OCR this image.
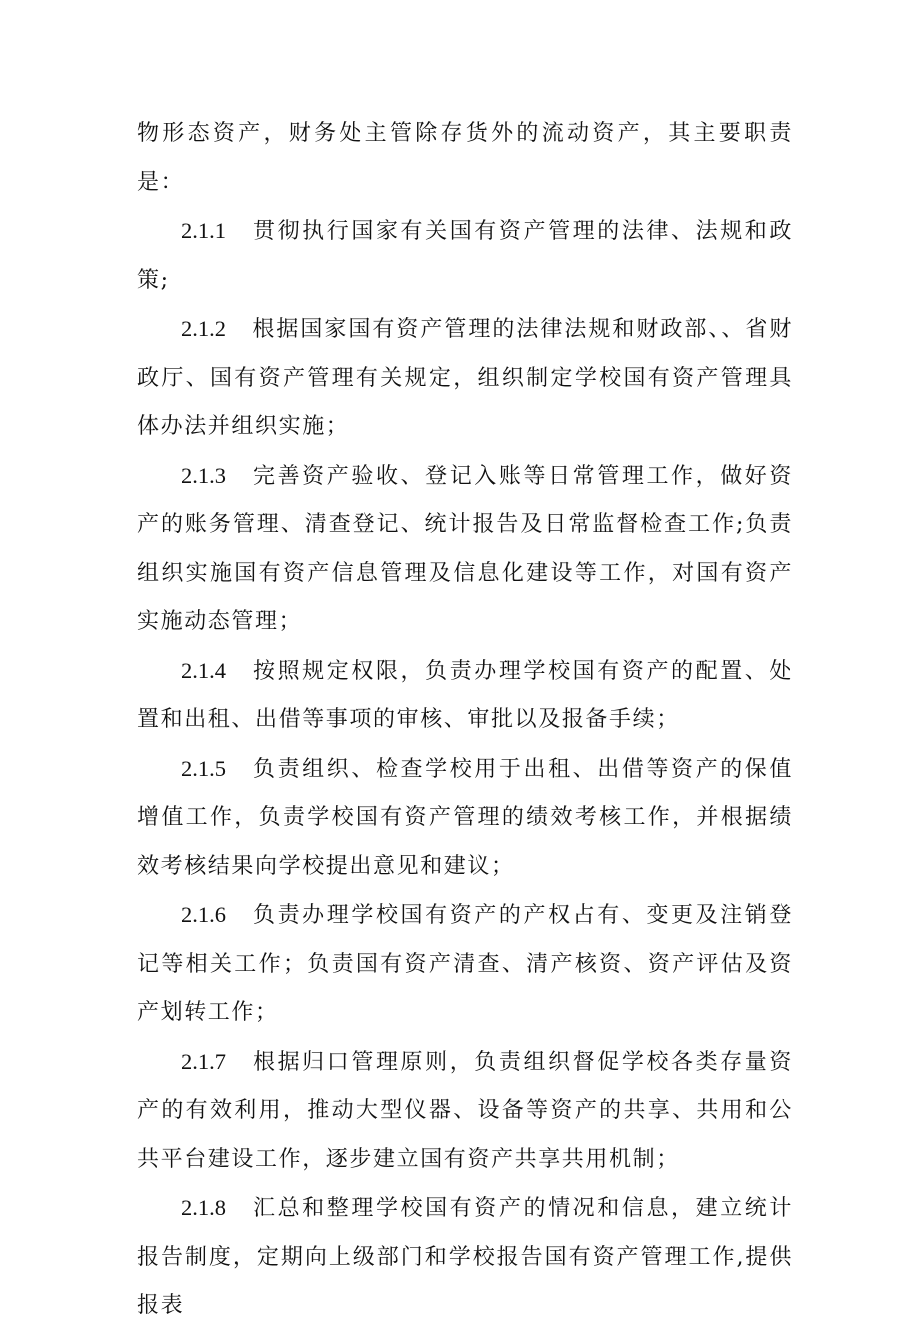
物形态资产，财务处主管除存货外的流动资产，其主要职责是：

2.1.1 贯彻执行国家有关国有资产管理的法律、法规和政策;

2.1.2 根据国家国有资产管理的法律法规和财政部、、省财政厅、国有资产管理有关规定，组织制定学校国有资产管理具体办法并组织实施；

2.1.3 完善资产验收、登记入账等日常管理工作，做好资产的账务管理、清查登记、统计报告及日常监督检查工作;负责组织实施国有资产信息管理及信息化建设等工作，对国有资产实施动态管理；

2.1.4 按照规定权限，负责办理学校国有资产的配置、处置和出租、出借等事项的审核、审批以及报备手续；

2.1.5 负责组织、检查学校用于出租、出借等资产的保值增值工作，负责学校国有资产管理的绩效考核工作，并根据绩效考核结果向学校提出意见和建议；

2.1.6 负责办理学校国有资产的产权占有、变更及注销登记等相关工作；负责国有资产清查、清产核资、资产评估及资产划转工作；

2.1.7 根据归口管理原则，负责组织督促学校各类存量资产的有效利用，推动大型仪器、设备等资产的共享、共用和公共平台建设工作，逐步建立国有资产共享共用机制；

2.1.8 汇总和整理学校国有资产的情况和信息，建立统计报告制度，定期向上级部门和学校报告国有资产管理工作,提供报表
